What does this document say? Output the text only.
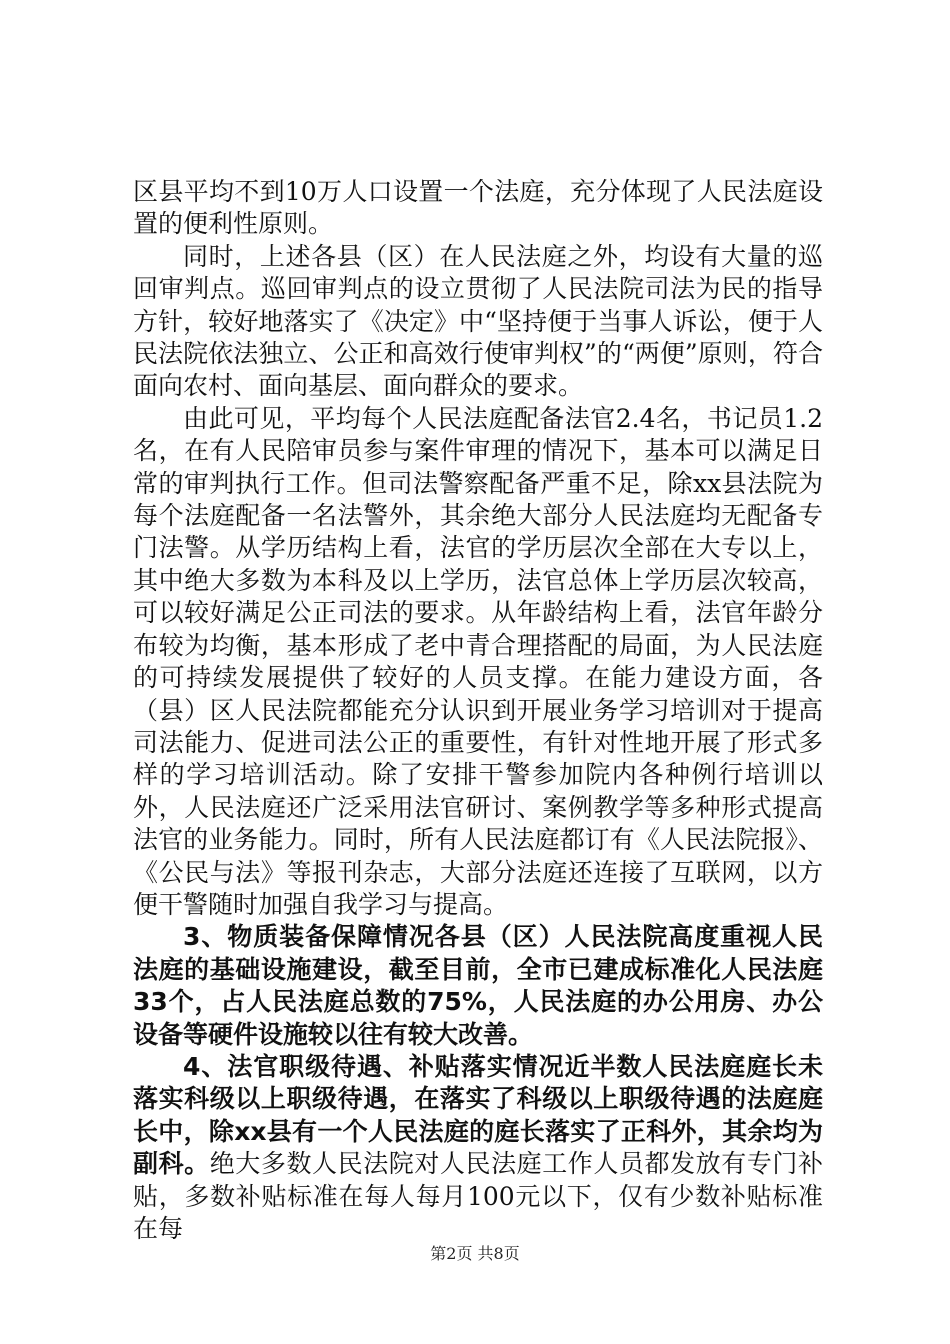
区县平均不到10万人口设置一个法庭，充分体现了人民法庭设置的便利性原则。

同时，上述各县（区）在人民法庭之外，均设有大量的巡回审判点。巡回审判点的设立贯彻了人民法院司法为民的指导方针，较好地落实了《决定》中“坚持便于当事人诉讼，便于人民法院依法独立、公正和高效行使审判权”的“两便”原则，符合面向农村、面向基层、面向群众的要求。

由此可见，平均每个人民法庭配备法官2.4名，书记员1.2名，在有人民陪审员参与案件审理的情况下，基本可以满足日常的审判执行工作。但司法警察配备严重不足，除xx县法院为每个法庭配备一名法警外，其余绝大部分人民法庭均无配备专门法警。从学历结构上看，法官的学历层次全部在大专以上，其中绝大多数为本科及以上学历，法官总体上学历层次较高，可以较好满足公正司法的要求。从年龄结构上看，法官年龄分布较为均衡，基本形成了老中青合理搭配的局面，为人民法庭的可持续发展提供了较好的人员支撑。在能力建设方面，各（县）区人民法院都能充分认识到开展业务学习培训对于提高司法能力、促进司法公正的重要性，有针对性地开展了形式多样的学习培训活动。除了安排干警参加院内各种例行培训以外，人民法庭还广泛采用法官研讨、案例教学等多种形式提高法官的业务能力。同时，所有人民法庭都订有《人民法院报》、《公民与法》等报刊杂志，大部分法庭还连接了互联网，以方便干警随时加强自我学习与提高。

3、物质装备保障情况各县（区）人民法院高度重视人民法庭的基础设施建设，截至目前，全市已建成标准化人民法庭33个，占人民法庭总数的75%，人民法庭的办公用房、办公设备等硬件设施较以往有较大改善。

4、法官职级待遇、补贴落实情况近半数人民法庭庭长未落实科级以上职级待遇，在落实了科级以上职级待遇的法庭庭长中，除xx县有一个人民法庭的庭长落实了正科外，其余均为副科。绝大多数人民法院对人民法庭工作人员都发放有专门补贴，多数补贴标准在每人每月100元以下，仅有少数补贴标准在每

第2页 共8页
